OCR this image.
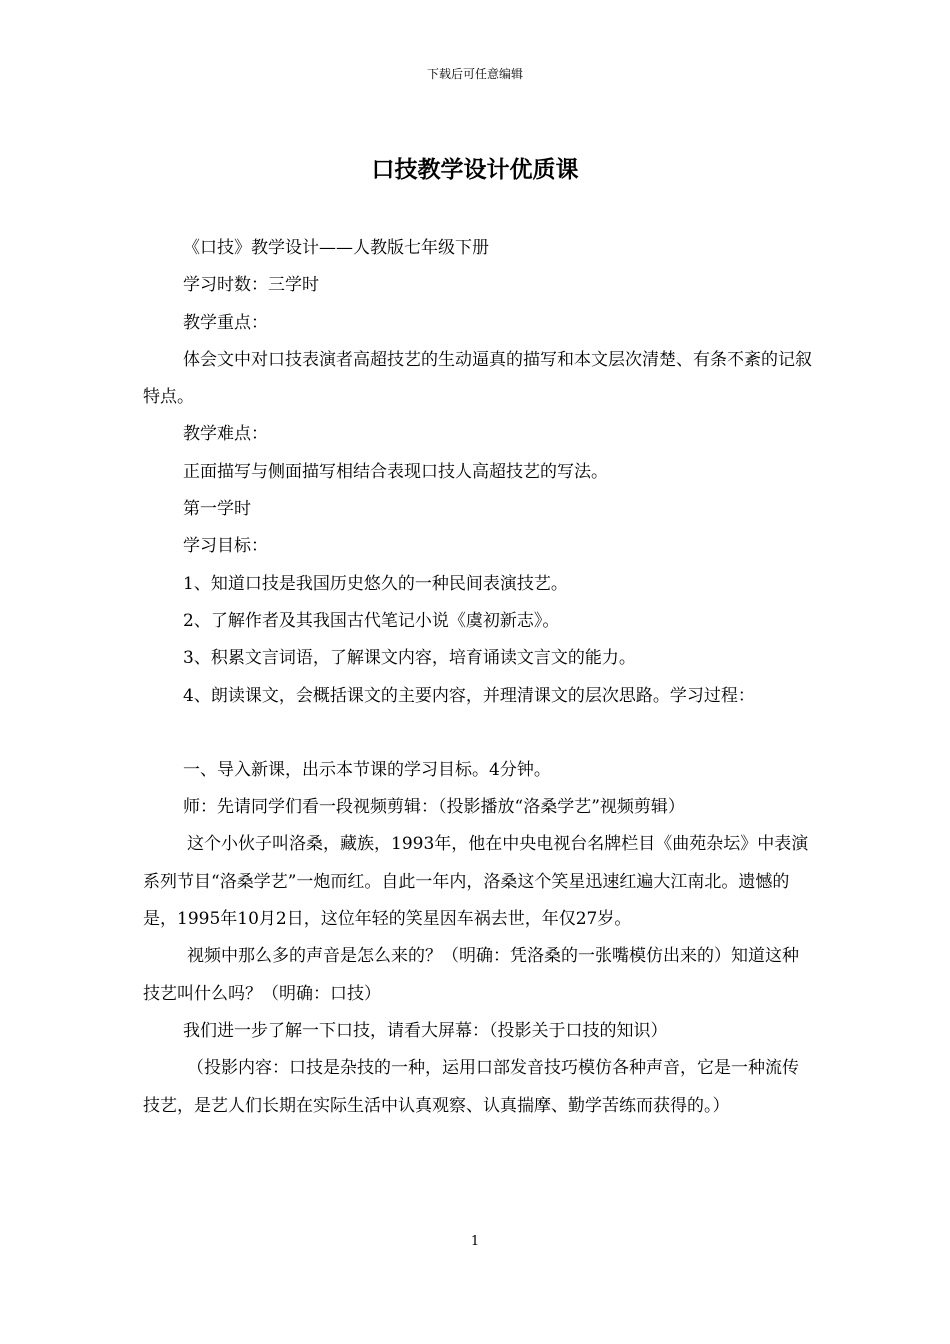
下载后可任意编辑
口技教学设计优质课

《口技》教学设计——人教版七年级下册

学习时数：三学时

教学重点：

体会文中对口技表演者高超技艺的生动逼真的描写和本文层次清楚、有条不紊的记叙特点。

教学难点：

正面描写与侧面描写相结合表现口技人高超技艺的写法。

第一学时

学习目标：

1、知道口技是我国历史悠久的一种民间表演技艺。

2、了解作者及其我国古代笔记小说《虞初新志》。

3、积累文言词语，了解课文内容，培育诵读文言文的能力。

4、朗读课文，会概括课文的主要内容，并理清课文的层次思路。学习过程：

一、导入新课，出示本节课的学习目标。4分钟。

师：先请同学们看一段视频剪辑：（投影播放“洛桑学艺”视频剪辑）

这个小伙子叫洛桑，藏族，1993年，他在中央电视台名牌栏目《曲苑杂坛》中表演系列节目“洛桑学艺”一炮而红。自此一年内，洛桑这个笑星迅速红遍大江南北。遗憾的是，1995年10月2日，这位年轻的笑星因车祸去世，年仅27岁。

视频中那么多的声音是怎么来的？（明确：凭洛桑的一张嘴模仿出来的）知道这种技艺叫什么吗？（明确：口技）

我们进一步了解一下口技，请看大屏幕：（投影关于口技的知识）

（投影内容：口技是杂技的一种，运用口部发音技巧模仿各种声音，它是一种流传技艺，是艺人们长期在实际生活中认真观察、认真揣摩、勤学苦练而获得的。）

1
